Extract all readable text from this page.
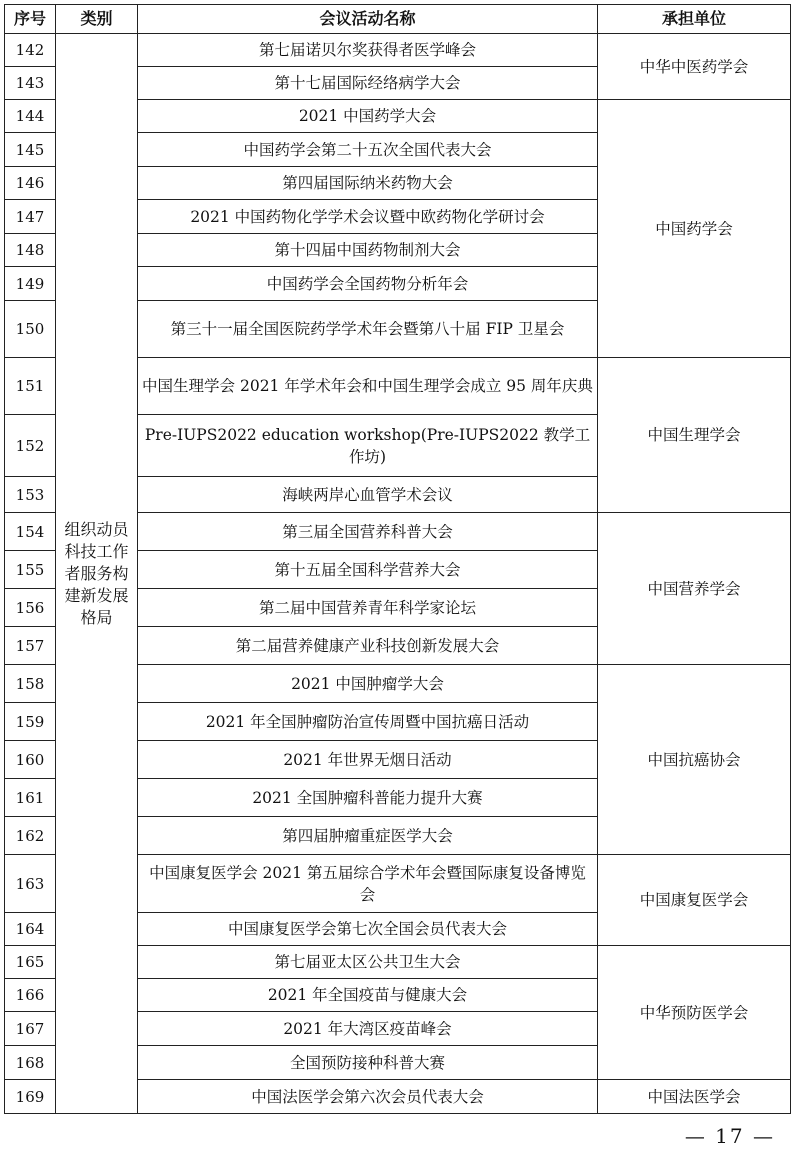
序号	类别	会议活动名称	承担单位
142	组织动员科技工作者服务构建新发展格局	第七届诺贝尔奖获得者医学峰会	中华中医药学会
143		第十七届国际经络病学大会	
144		2021 中国药学大会	中国药学会
145		中国药学会第二十五次全国代表大会	
146		第四届国际纳米药物大会	
147		2021 中国药物化学学术会议暨中欧药物化学研讨会	
148		第十四届中国药物制剂大会	
149		中国药学会全国药物分析年会	
150		第三十一届全国医院药学学术年会暨第八十届 FIP 卫星会	
151		中国生理学会 2021 年学术年会和中国生理学会成立 95 周年庆典	中国生理学会
152		Pre-IUPS2022 education workshop(Pre-IUPS2022 教学工作坊)	
153		海峡两岸心血管学术会议	
154		第三届全国营养科普大会	中国营养学会
155		第十五届全国科学营养大会	
156		第二届中国营养青年科学家论坛	
157		第二届营养健康产业科技创新发展大会	
158		2021 中国肿瘤学大会	中国抗癌协会
159		2021 年全国肿瘤防治宣传周暨中国抗癌日活动	
160		2021 年世界无烟日活动	
161		2021 全国肿瘤科普能力提升大赛	
162		第四届肿瘤重症医学大会	
163		中国康复医学会 2021 第五届综合学术年会暨国际康复设备博览会	中国康复医学会
164		中国康复医学会第七次全国会员代表大会	
165		第七届亚太区公共卫生大会	中华预防医学会
166		2021 年全国疫苗与健康大会	
167		2021 年大湾区疫苗峰会	
168		全国预防接种科普大赛	
169		中国法医学会第六次会员代表大会	中国法医学会
— 17 —
